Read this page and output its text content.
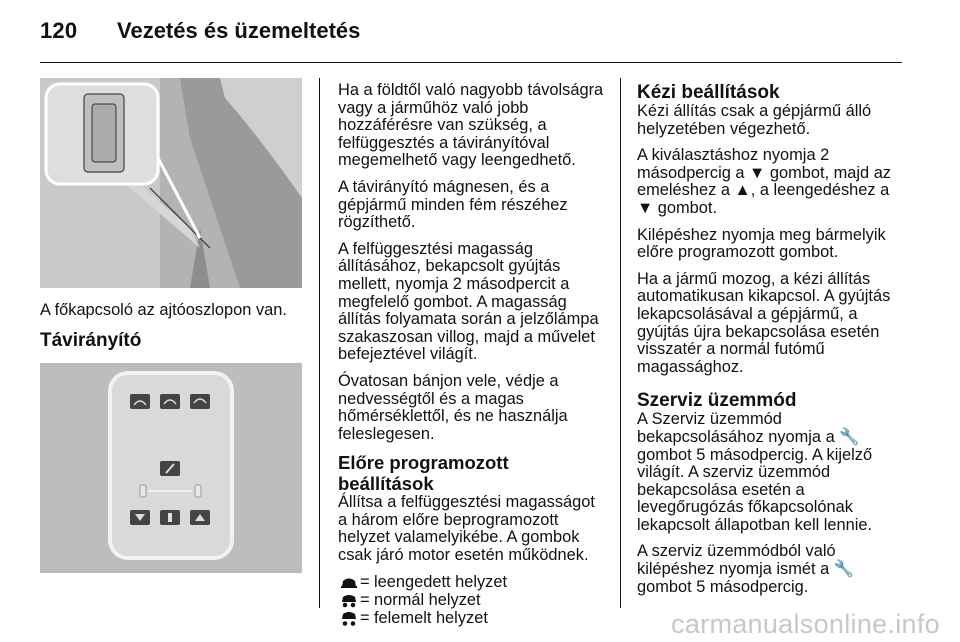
120 Vezetés és üzemeltetés
A főkapcsoló az ajtóoszlopon van.
Távirányító

Ha a földtől való nagyobb távolságra vagy a járműhöz való jobb hozzáférésre van szükség, a felfüggesztés a távirányítóval megemelhető vagy leengedhető.

A távirányító mágnesen, és a gépjármű minden fém részéhez rögzíthető.

A felfüggesztési magasság állításához, bekapcsolt gyújtás mellett, nyomja 2 másodpercit a megfelelő gombot. A magasság állítás folyamata során a jelzőlámpa szakaszosan villog, majd a művelet befejeztével világít.

Óvatosan bánjon vele, védje a nedvességtől és a magas hőmérséklettől, és ne használja feleslegesen.

Előre programozott beállítások

Állítsa a felfüggesztési magasságot a három előre beprogramozott helyzet valamelyikébe. A gombok csak járó motor esetén működnek.

= leengedett helyzet
= normál helyzet
= felemelt helyzet
Kézi beállítások

Kézi állítás csak a gépjármű álló helyzetében végezhető.

A kiválasztáshoz nyomja 2 másodpercig a ▼ gombot, majd az emeléshez a ▲, a leengedéshez a ▼ gombot.

Kilépéshez nyomja meg bármelyik előre programozott gombot.

Ha a jármű mozog, a kézi állítás automatikusan kikapcsol. A gyújtás lekapcsolásával a gépjármű, a gyújtás újra bekapcsolása esetén visszatér a normál futómű magassághoz.

Szerviz üzemmód

A Szerviz üzemmód bekapcsolásához nyomja a 🔧 gombot 5 másodpercig. A kijelző világít. A szerviz üzemmód bekapcsolása esetén a levegőrugózás főkapcsolónak lekapcsolt állapotban kell lennie.

A szerviz üzemmódból való kilépéshez nyomja ismét a 🔧 gombot 5 másodpercig.

carmanualsonline.info
